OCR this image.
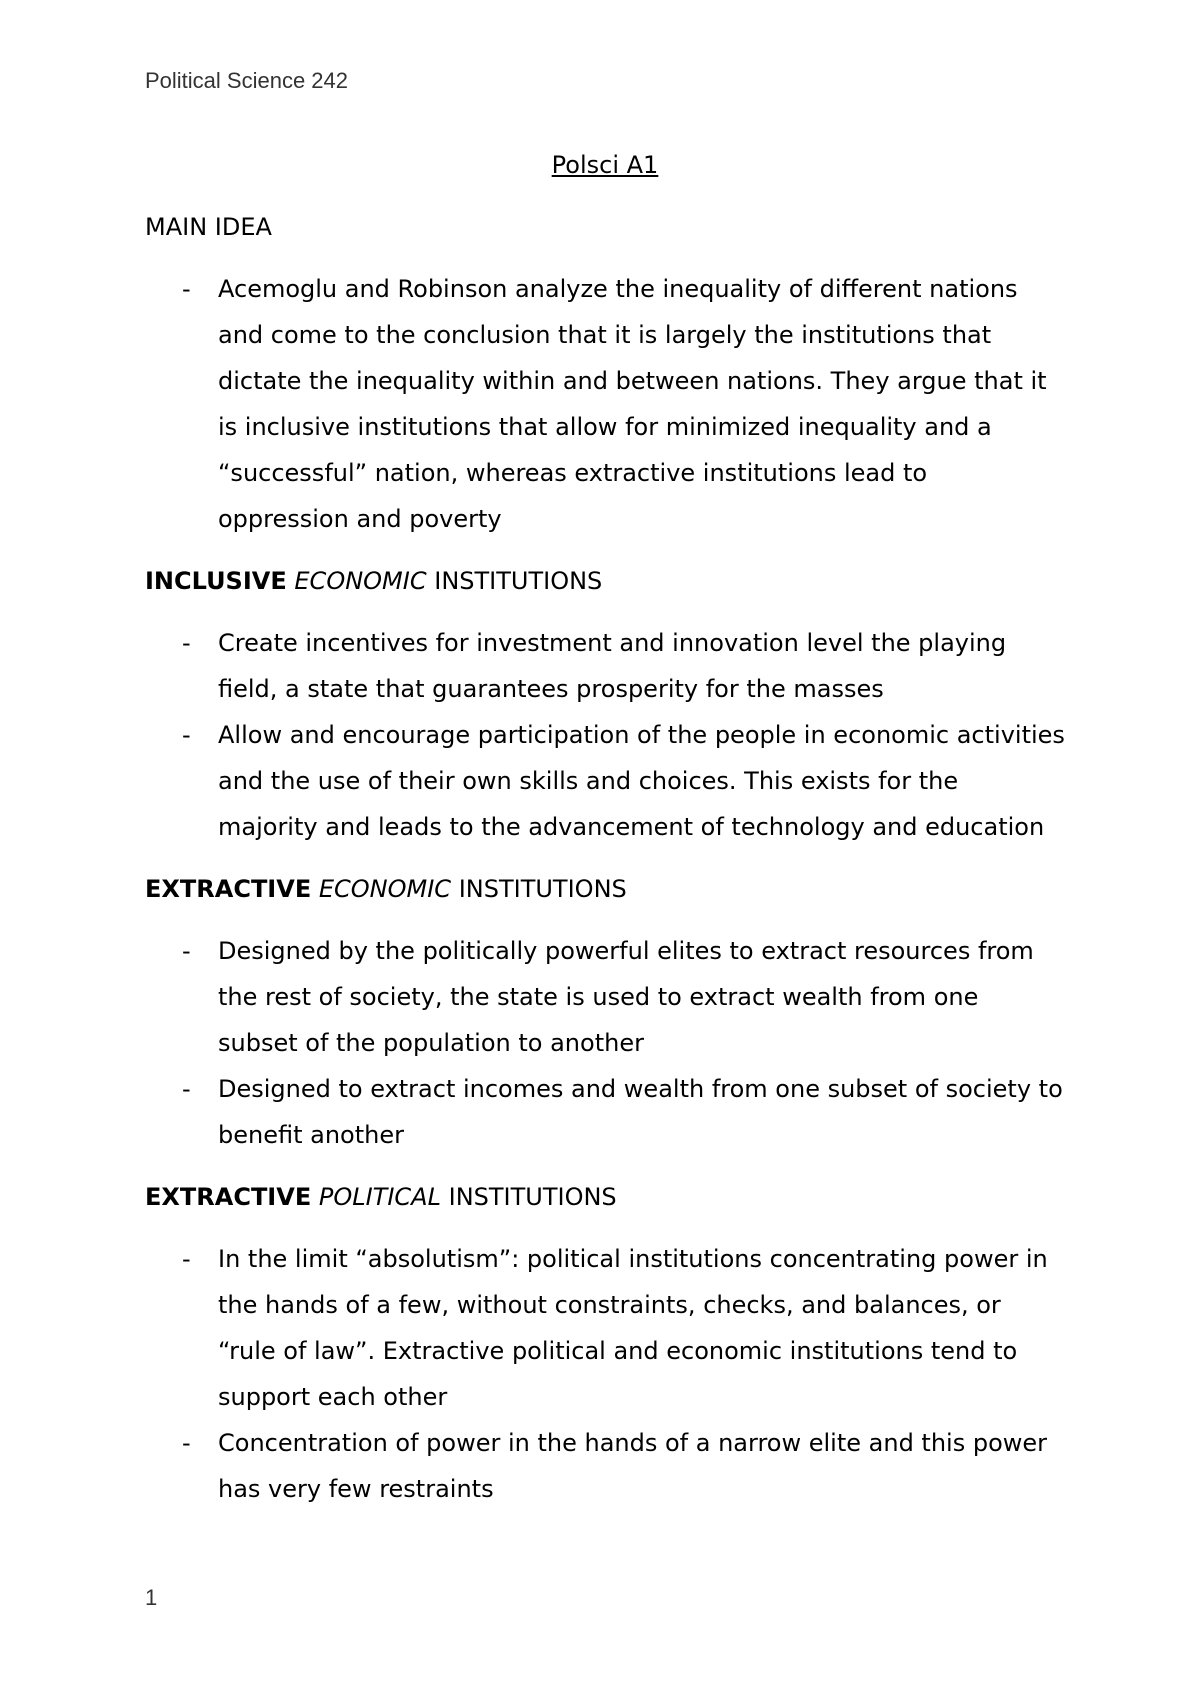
Political Science 242
Polsci A1
MAIN IDEA
- Acemoglu and Robinson analyze the inequality of different nations and come to the conclusion that it is largely the institutions that dictate the inequality within and between nations. They argue that it is inclusive institutions that allow for minimized inequality and a “successful” nation, whereas extractive institutions lead to oppression and poverty
INCLUSIVE ECONOMIC INSTITUTIONS
- Create incentives for investment and innovation level the playing field, a state that guarantees prosperity for the masses
- Allow and encourage participation of the people in economic activities and the use of their own skills and choices. This exists for the majority and leads to the advancement of technology and education
EXTRACTIVE ECONOMIC INSTITUTIONS
- Designed by the politically powerful elites to extract resources from the rest of society, the state is used to extract wealth from one subset of the population to another
- Designed to extract incomes and wealth from one subset of society to benefit another
EXTRACTIVE POLITICAL INSTITUTIONS
- In the limit “absolutism”: political institutions concentrating power in the hands of a few, without constraints, checks, and balances, or “rule of law”. Extractive political and economic institutions tend to support each other
- Concentration of power in the hands of a narrow elite and this power has very few restraints
1
